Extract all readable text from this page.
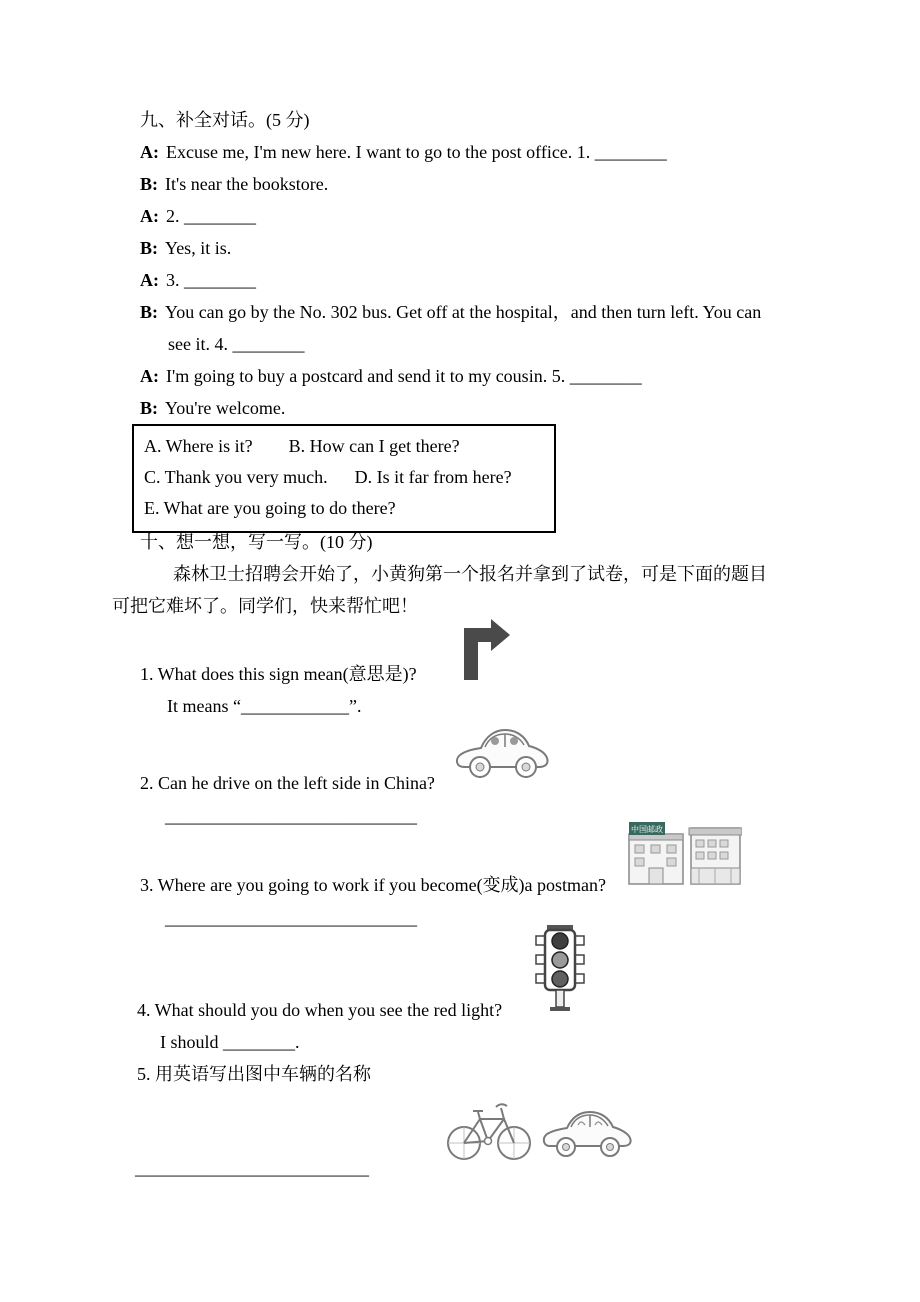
九、补全对话。(5 分)

A: Excuse me, I'm new here. I want to go to the post office. 1. ________

B: It's near the bookstore.

A: 2. ________

B: Yes, it is.

A: 3. ________

B: You can go by the No. 302 bus. Get off at the hospital，and then turn left. You can

see it. 4. ________

A: I'm going to buy a postcard and send it to my cousin. 5. ________

B: You're welcome.

A. Where is it?        B. How can I get there?

C. Thank you very much.      D. Is it far from here?

E. What are you going to do there?

十、想一想，写一写。(10 分)

森林卫士招聘会开始了，小黄狗第一个报名并拿到了试卷，可是下面的题目

可把它难坏了。同学们，快来帮忙吧！

1. What does this sign mean(意思是)?

It means “____________”.

2. Can he drive on the left side in China?

____________________________

3. Where are you going to work if you become(变成)a postman?

____________________________

4. What should you do when you see the red light?

I should ________.

5. 用英语写出图中车辆的名称

__________________________

中国邮政
